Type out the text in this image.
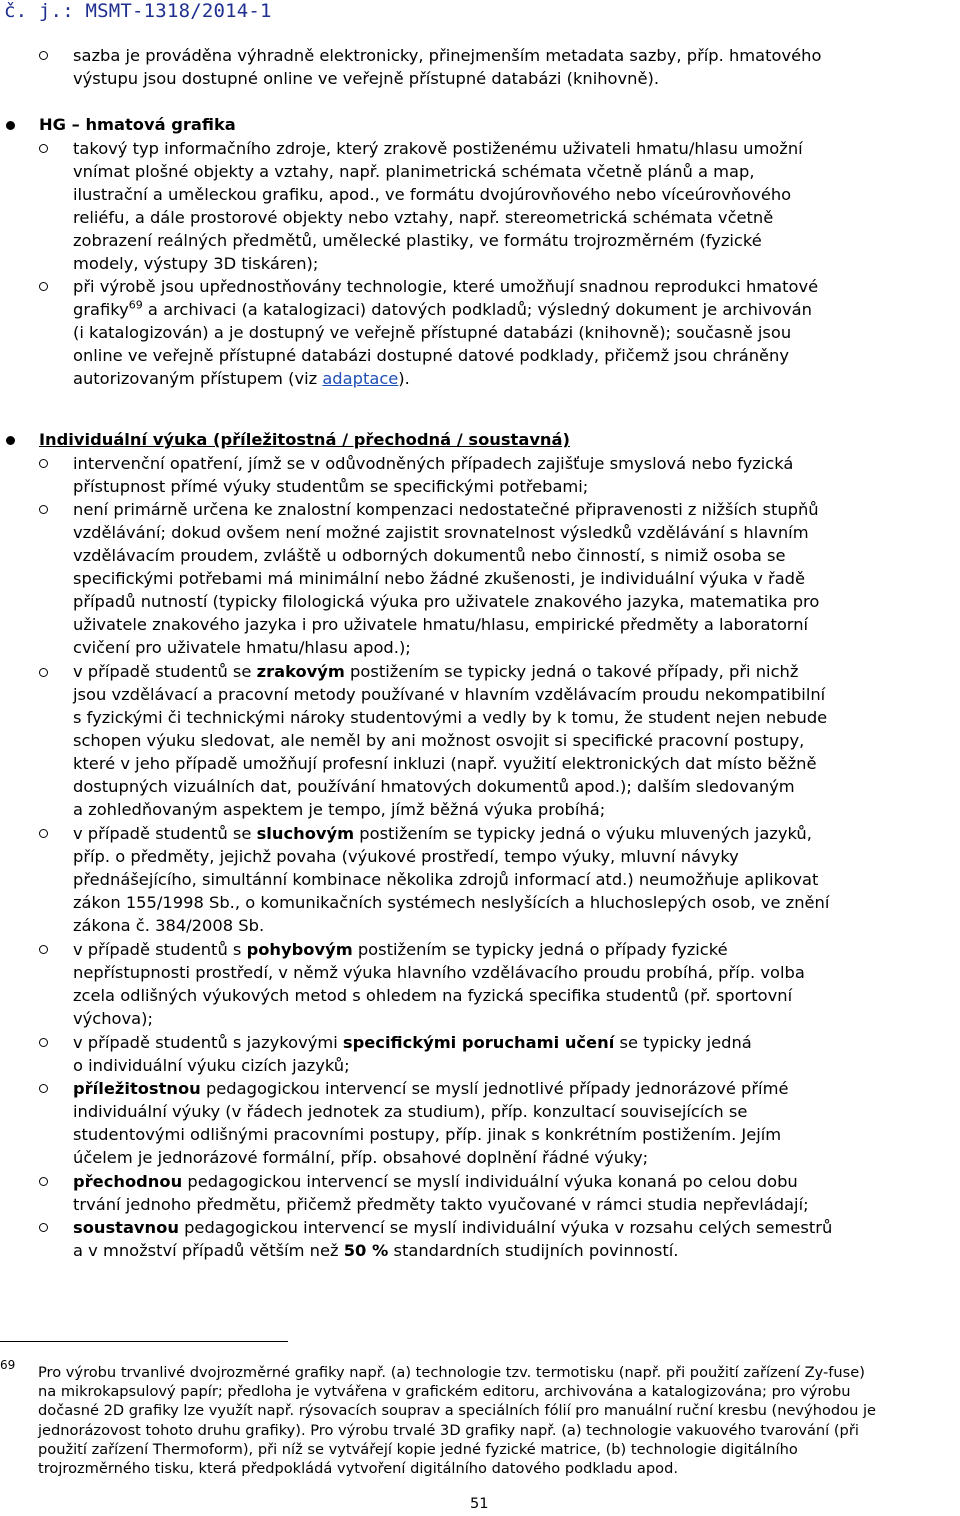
č. j.: MSMT-1318/2014-1
sazba je prováděna výhradně elektronicky, přinejmenším metadata sazby, příp. hmatového
výstupu jsou dostupné online ve veřejně přístupné databázi (knihovně).
HG – hmatová grafika
takový typ informačního zdroje, který zrakově postiženému uživateli hmatu/hlasu umožní
vnímat plošné objekty a vztahy, např. planimetrická schémata včetně plánů a map,
ilustrační a uměleckou grafiku, apod., ve formátu dvojúrovňového nebo víceúrovňového
reliéfu, a dále prostorové objekty nebo vztahy, např. stereometrická schémata včetně
zobrazení reálných předmětů, umělecké plastiky, ve formátu trojrozměrném (fyzické
modely, výstupy 3D tiskáren);
při výrobě jsou upřednostňovány technologie, které umožňují snadnou reprodukci hmatové
grafiky$^{69}$ a archivaci (a katalogizaci) datových podkladů; výsledný dokument je archivován
(i katalogizován) a je dostupný ve veřejně přístupné databázi (knihovně); současně jsou
online ve veřejně přístupné databázi dostupné datové podklady, přičemž jsou chráněny
autorizovaným přístupem (viz adaptace).
Individuální výuka (příležitostná / přechodná / soustavná)
intervenční opatření, jímž se v odůvodněných případech zajišťuje smyslová nebo fyzická
přístupnost přímé výuky studentům se specifickými potřebami;
není primárně určena ke znalostní kompenzaci nedostatečné připravenosti z nižších stupňů
vzdělávání; dokud ovšem není možné zajistit srovnatelnost výsledků vzdělávání s hlavním
vzdělávacím proudem, zvláště u odborných dokumentů nebo činností, s nimiž osoba se
specifickými potřebami má minimální nebo žádné zkušenosti, je individuální výuka v řadě
případů nutností (typicky filologická výuka pro uživatele znakového jazyka, matematika pro
uživatele znakového jazyka i pro uživatele hmatu/hlasu, empirické předměty a laboratorní
cvičení pro uživatele hmatu/hlasu apod.);
v případě studentů se zrakovým postižením se typicky jedná o takové případy, při nichž
jsou vzdělávací a pracovní metody používané v hlavním vzdělávacím proudu nekompatibilní
s fyzickými či technickými nároky studentovými a vedly by k tomu, že student nejen nebude
schopen výuku sledovat, ale neměl by ani možnost osvojit si specifické pracovní postupy,
které v jeho případě umožňují profesní inkluzi (např. využití elektronických dat místo běžně
dostupných vizuálních dat, používání hmatových dokumentů apod.); dalším sledovaným
a zohledňovaným aspektem je tempo, jímž běžná výuka probíhá;
v případě studentů se sluchovým postižením se typicky jedná o výuku mluvených jazyků,
příp. o předměty, jejichž povaha (výukové prostředí, tempo výuky, mluvní návyky
přednášejícího, simultánní kombinace několika zdrojů informací atd.) neumožňuje aplikovat
zákon 155/1998 Sb., o komunikačních systémech neslyšících a hluchoslepých osob, ve znění
zákona č. 384/2008 Sb.
v případě studentů s pohybovým postižením se typicky jedná o případy fyzické
nepřístupnosti prostředí, v němž výuka hlavního vzdělávacího proudu probíhá, příp. volba
zcela odlišných výukových metod s ohledem na fyzická specifika studentů (př. sportovní
výchova);
v případě studentů s jazykovými specifickými poruchami učení se typicky jedná
o individuální výuku cizích jazyků;
příležitostnou pedagogickou intervencí se myslí jednotlivé případy jednorázové přímé
individuální výuky (v řádech jednotek za studium), příp. konzultací souvisejících se
studentovými odlišnými pracovními postupy, příp. jinak s konkrétním postižením. Jejím
účelem je jednorázové formální, příp. obsahové doplnění řádné výuky;
přechodnou pedagogickou intervencí se myslí individuální výuka konaná po celou dobu
trvání jednoho předmětu, přičemž předměty takto vyučované v rámci studia nepřevládají;
soustavnou pedagogickou intervencí se myslí individuální výuka v rozsahu celých semestrů
a v množství případů větším než 50 % standardních studijních povinností.
69 Pro výrobu trvanlivé dvojrozměrné grafiky např. (a) technologie tzv. termotisku (např. při použití zařízení Zy-fuse)
na mikrokapsulový papír; předloha je vytvářena v grafickém editoru, archivována a katalogizována; pro výrobu
dočasné 2D grafiky lze využít např. rýsovacích souprav a speciálních fólií pro manuální ruční kresbu (nevýhodou je
jednorázovost tohoto druhu grafiky). Pro výrobu trvalé 3D grafiky např. (a) technologie vakuového tvarování (při
použití zařízení Thermoform), při níž se vytvářejí kopie jedné fyzické matrice, (b) technologie digitálního
trojrozměrného tisku, která předpokládá vytvoření digitálního datového podkladu apod.
51
